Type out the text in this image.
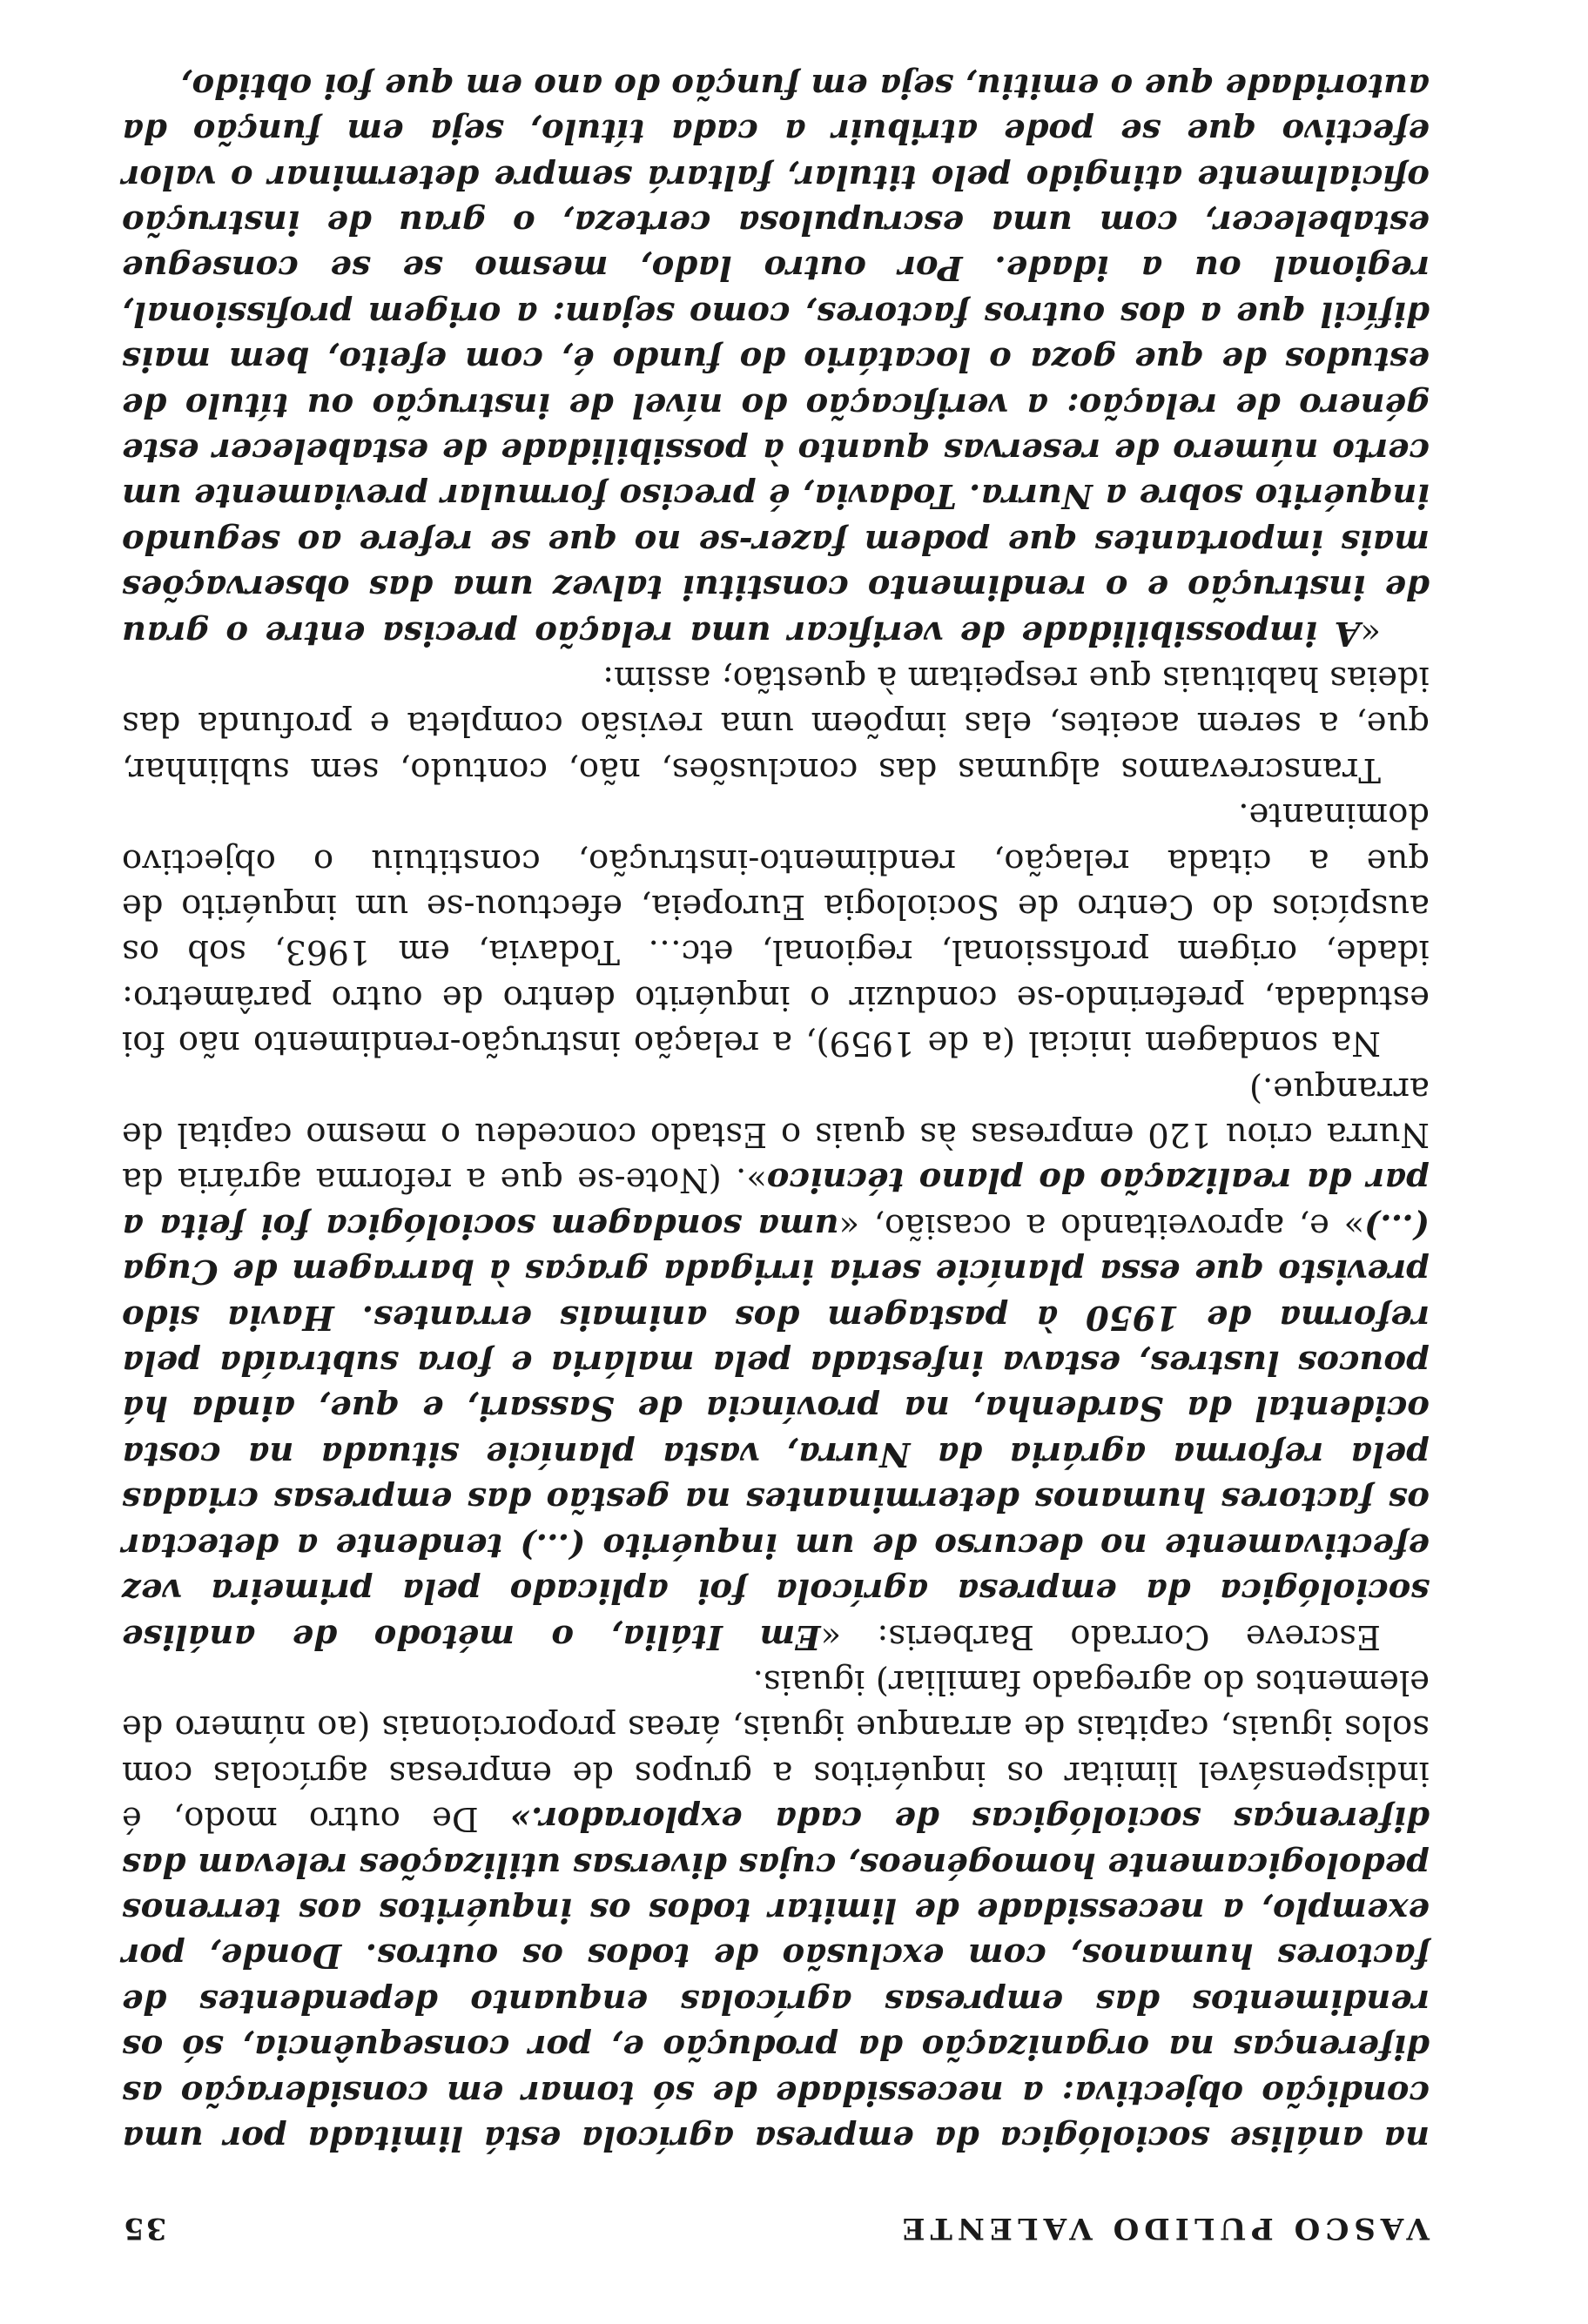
VASCO PULIDO VALENTE
35

na análise sociológica da empresa agrícola está limitada por uma condição objectiva: a necessidade de só tomar em consideração as diferenças na organização da produção e, por consequência, só os rendimentos das empresas agrícolas enquanto dependentes de factores humanos, com exclusão de todos os outros. Donde, por exemplo, a necessidade de limitar todos os inquéritos aos terrenos pedologicamente homogéneos, cujas diversas utilizações relevam das diferenças sociológicas de cada explorador.» De outro modo, é indispensável limitar os inquéritos a grupos de empresas agrícolas com solos iguais, capitais de arranque iguais, áreas proporcionais (ao número de elementos do agregado familiar) iguais.

Escreve Corrado Barberis: «Em Itália, o método de análise sociológica da empresa agrícola foi aplicado pela primeira vez efectivamente no decurso de um inquérito (…) tendente a detectar os factores humanos determinantes na gestão das empresas criadas pela reforma agrária da Nurra, vasta planície situada na costa ocidental da Sardenha, na província de Sassari, e que, ainda há poucos lustres, estava infestada pela malária e fora subtraída pela reforma de 1950 à pastagem dos animais errantes. Havia sido previsto que essa planície seria irrigada graças à barragem de Cuga (…)» e, aproveitando a ocasião, «uma sondagem sociológica foi feita a par da realização do plano técnico». (Note-se que a reforma agrária da Nurra criou 120 empresas às quais o Estado concedeu o mesmo capital de arranque.)

Na sondagem inicial (a de 1959), a relação instrução-rendimento não foi estudada, preferindo-se conduzir o inquérito dentro de outro parâmetro: idade, origem profissional, regional, etc… Todavia, em 1963, sob os auspícios do Centro de Sociologia Europeia, efectuou-se um inquérito de que a citada relação, rendimento-instrução, constituiu o objectivo dominante.

Transcrevamos algumas das conclusões, não, contudo, sem sublinhar, que, a serem aceites, elas impõem uma revisão completa e profunda das ideias habituais que respeitam à questão; assim:

«A impossibilidade de verificar uma relação precisa entre o grau de instrução e o rendimento constitui talvez uma das observações mais importantes que podem fazer-se no que se refere ao segundo inquérito sobre a Nurra. Todavia, é preciso formular previamente um certo número de reservas quanto à possibilidade de estabelecer este género de relação: a verificação do nível de instrução ou título de estudos de que goza o locatário do fundo é, com efeito, bem mais difícil que a dos outros factores, como sejam: a origem profissional, regional ou a idade. Por outro lado, mesmo se se consegue estabelecer, com uma escrupulosa certeza, o grau de instrução oficialmente atingido pelo titular, faltará sempre determinar o valor efectivo que se pode atribuir a cada título, seja em função da autoridade que o emitiu, seja em função do ano em que foi obtido,
